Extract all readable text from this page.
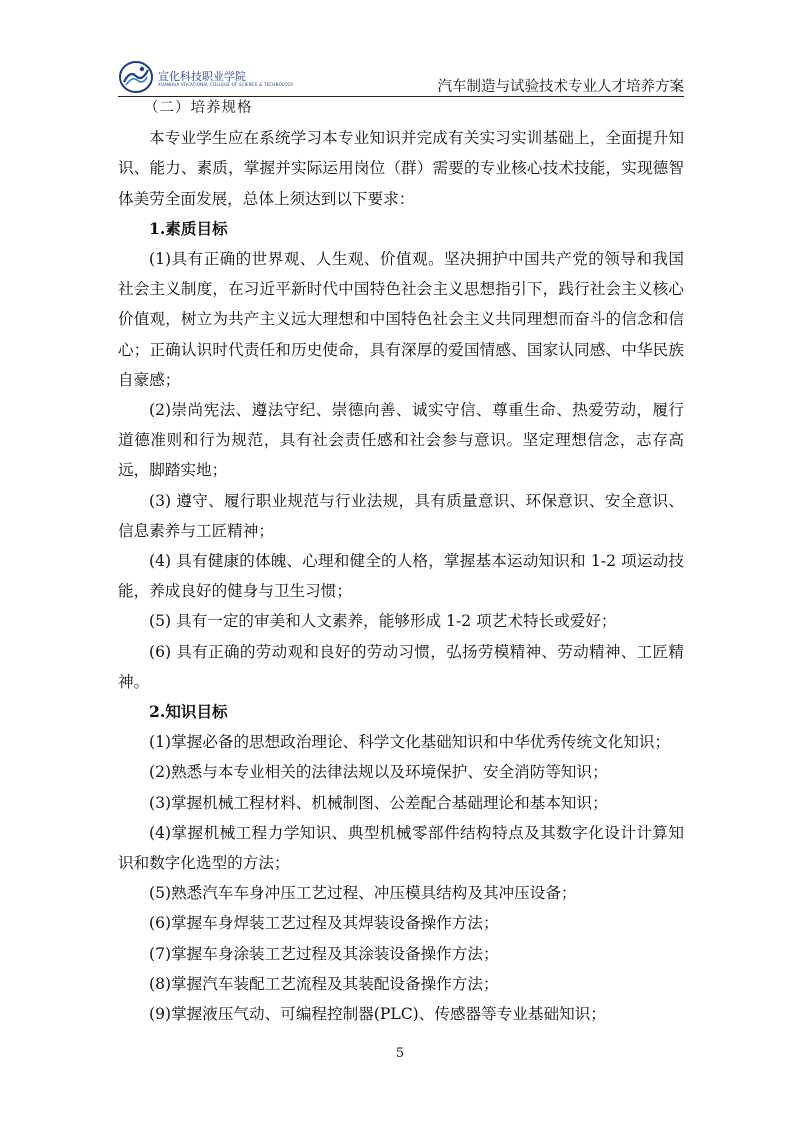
宣化科技职业学院
XUANHUA VOCATIONAL COLLEGE OF SCIENCE & TECHNOLOGY	汽车制造与试验技术专业人才培养方案

（二）培养规格

本专业学生应在系统学习本专业知识并完成有关实习实训基础上，全面提升知识、能力、素质，掌握并实际运用岗位（群）需要的专业核心技术技能，实现德智体美劳全面发展，总体上须达到以下要求：

1.素质目标

(1)具有正确的世界观、人生观、价值观。坚决拥护中国共产党的领导和我国社会主义制度，在习近平新时代中国特色社会主义思想指引下，践行社会主义核心价值观，树立为共产主义远大理想和中国特色社会主义共同理想而奋斗的信念和信心；正确认识时代责任和历史使命，具有深厚的爱国情感、国家认同感、中华民族自豪感；

(2)崇尚宪法、遵法守纪、崇德向善、诚实守信、尊重生命、热爱劳动，履行道德准则和行为规范，具有社会责任感和社会参与意识。坚定理想信念，志存高远，脚踏实地；

(3) 遵守、履行职业规范与行业法规，具有质量意识、环保意识、安全意识、信息素养与工匠精神；

(4) 具有健康的体魄、心理和健全的人格，掌握基本运动知识和 1-2 项运动技能，养成良好的健身与卫生习惯；

(5) 具有一定的审美和人文素养，能够形成 1-2 项艺术特长或爱好；

(6) 具有正确的劳动观和良好的劳动习惯，弘扬劳模精神、劳动精神、工匠精神。

2.知识目标

(1)掌握必备的思想政治理论、科学文化基础知识和中华优秀传统文化知识；

(2)熟悉与本专业相关的法律法规以及环境保护、安全消防等知识；

(3)掌握机械工程材料、机械制图、公差配合基础理论和基本知识；

(4)掌握机械工程力学知识、典型机械零部件结构特点及其数字化设计计算知识和数字化选型的方法；

(5)熟悉汽车车身冲压工艺过程、冲压模具结构及其冲压设备；

(6)掌握车身焊装工艺过程及其焊装设备操作方法；

(7)掌握车身涂装工艺过程及其涂装设备操作方法；

(8)掌握汽车装配工艺流程及其装配设备操作方法；

(9)掌握液压气动、可编程控制器(PLC)、传感器等专业基础知识；

5
